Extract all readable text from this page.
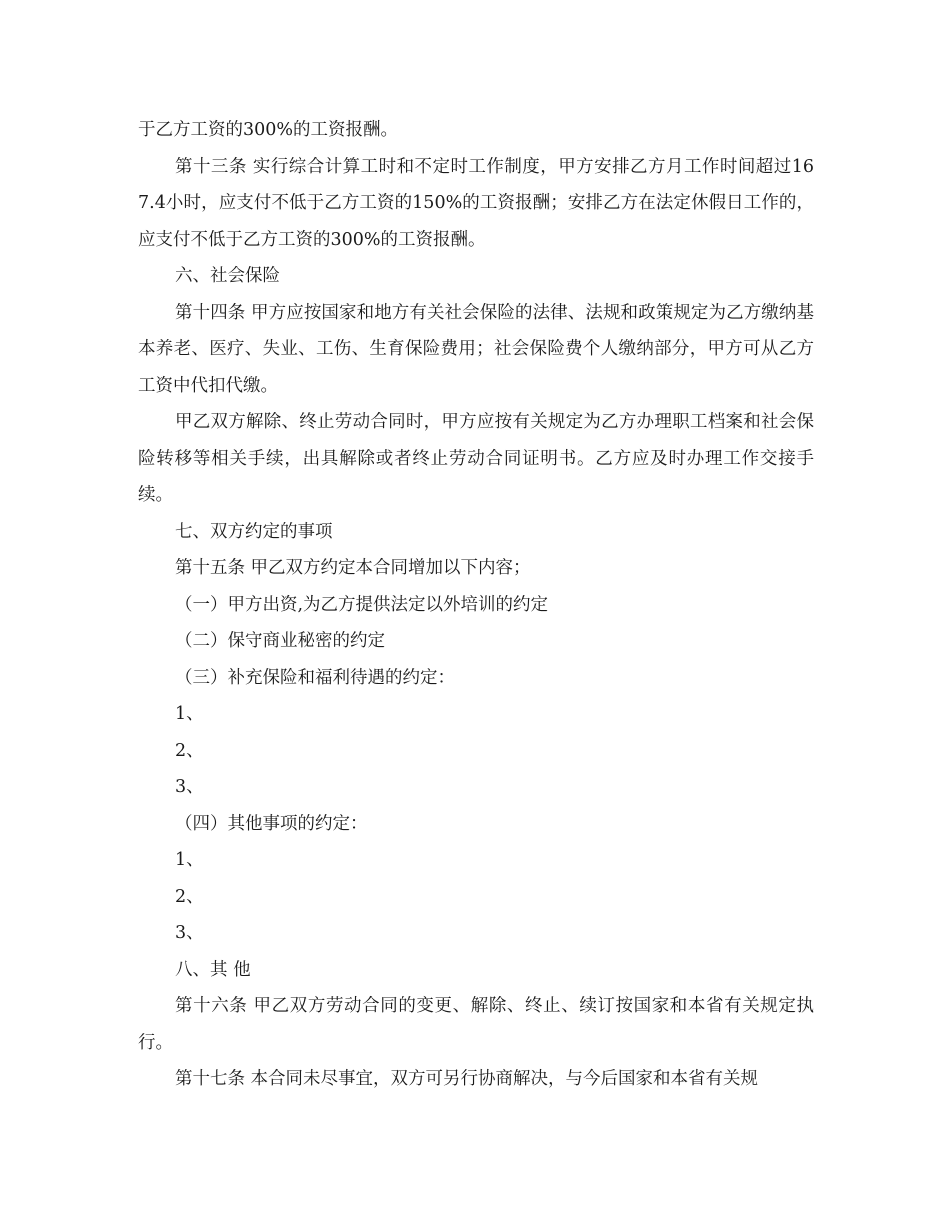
于乙方工资的300%的工资报酬。

第十三条 实行综合计算工时和不定时工作制度，甲方安排乙方月工作时间超过167.4小时，应支付不低于乙方工资的150%的工资报酬；安排乙方在法定休假日工作的，应支付不低于乙方工资的300%的工资报酬。

六、社会保险

第十四条 甲方应按国家和地方有关社会保险的法律、法规和政策规定为乙方缴纳基本养老、医疗、失业、工伤、生育保险费用；社会保险费个人缴纳部分，甲方可从乙方工资中代扣代缴。

甲乙双方解除、终止劳动合同时，甲方应按有关规定为乙方办理职工档案和社会保险转移等相关手续，出具解除或者终止劳动合同证明书。乙方应及时办理工作交接手续。

七、双方约定的事项

第十五条 甲乙双方约定本合同增加以下内容；

（一）甲方出资,为乙方提供法定以外培训的约定

（二）保守商业秘密的约定

（三）补充保险和福利待遇的约定：

1、

2、

3、

（四）其他事项的约定：

1、

2、

3、

八、其 他

第十六条 甲乙双方劳动合同的变更、解除、终止、续订按国家和本省有关规定执行。

第十七条 本合同未尽事宜，双方可另行协商解决，与今后国家和本省有关规
